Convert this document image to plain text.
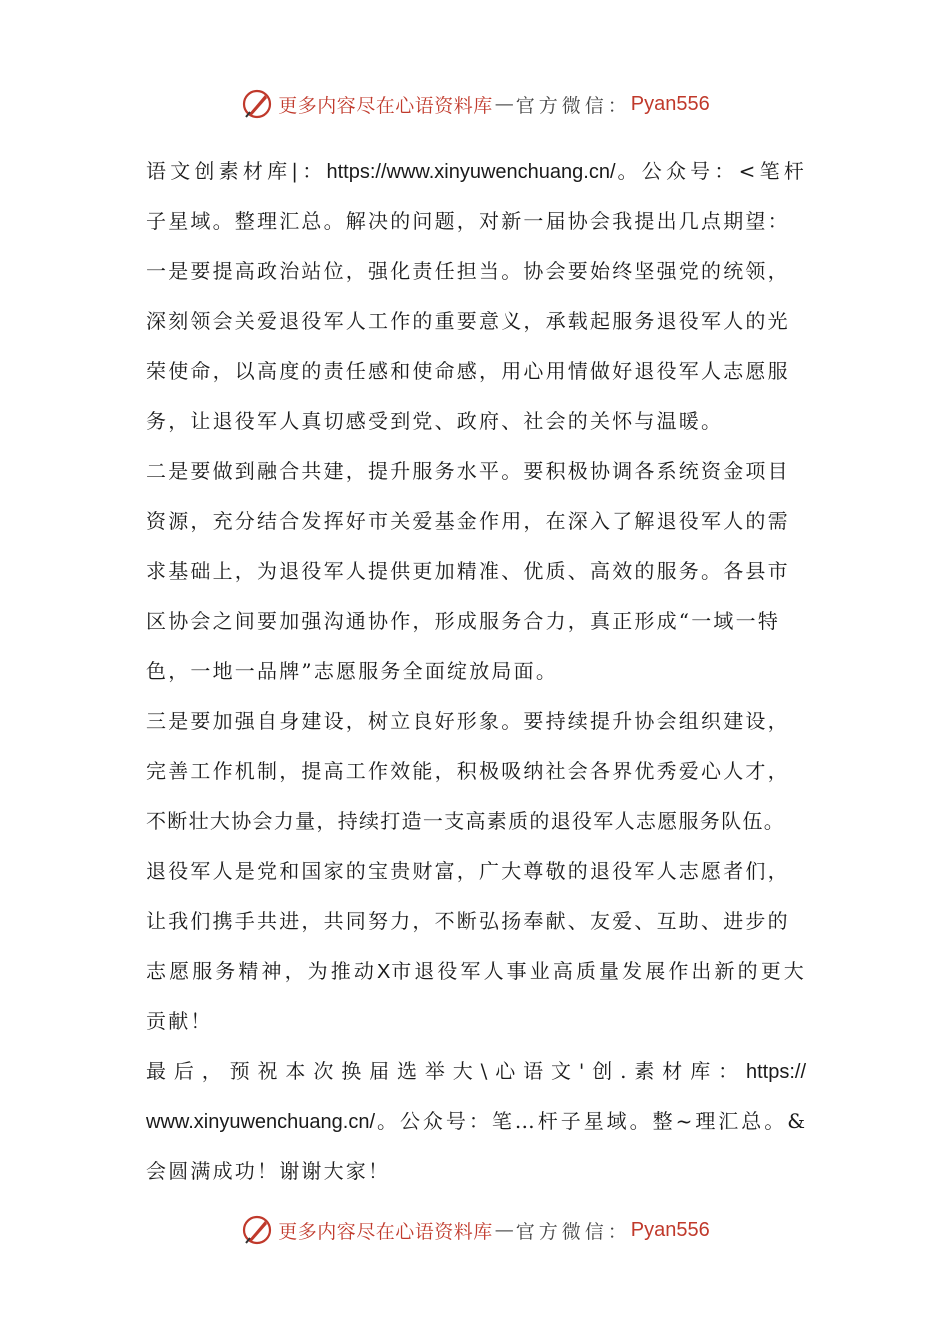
更多内容尽在心语资料库 — 官方微信： Pyan556
语文创素材库|：https://www.xinyuwenchuang.cn/。公众号：<笔杆
子星域。整理汇总。解决的问题，对新一届协会我提出几点期望：
一是要提高政治站位，强化责任担当。协会要始终坚强党的统领，
深刻领会关爱退役军人工作的重要意义，承载起服务退役军人的光
荣使命，以高度的责任感和使命感，用心用情做好退役军人志愿服
务，让退役军人真切感受到党、政府、社会的关怀与温暖。
二是要做到融合共建，提升服务水平。要积极协调各系统资金项目
资源，充分结合发挥好市关爱基金作用，在深入了解退役军人的需
求基础上，为退役军人提供更加精准、优质、高效的服务。各县市
区协会之间要加强沟通协作，形成服务合力，真正形成“一域一特
色，一地一品牌”志愿服务全面绽放局面。
三是要加强自身建设，树立良好形象。要持续提升协会组织建设，
完善工作机制，提高工作效能，积极吸纳社会各界优秀爱心人才，
不断壮大协会力量，持续打造一支高素质的退役军人志愿服务队伍。
退役军人是党和国家的宝贵财富，广大尊敬的退役军人志愿者们，
让我们携手共进，共同努力，不断弘扬奉献、友爱、互助、进步的
志愿服务精神，为推动X市退役军人事业高质量发展作出新的更大
贡献！
最后，预祝本次换届选举大\心语文'创.素材库：https://
www.xinyuwenchuang.cn/。公众号：笔…杆子星域。整~理汇总。&
会圆满成功！谢谢大家！
更多内容尽在心语资料库 — 官方微信： Pyan556
